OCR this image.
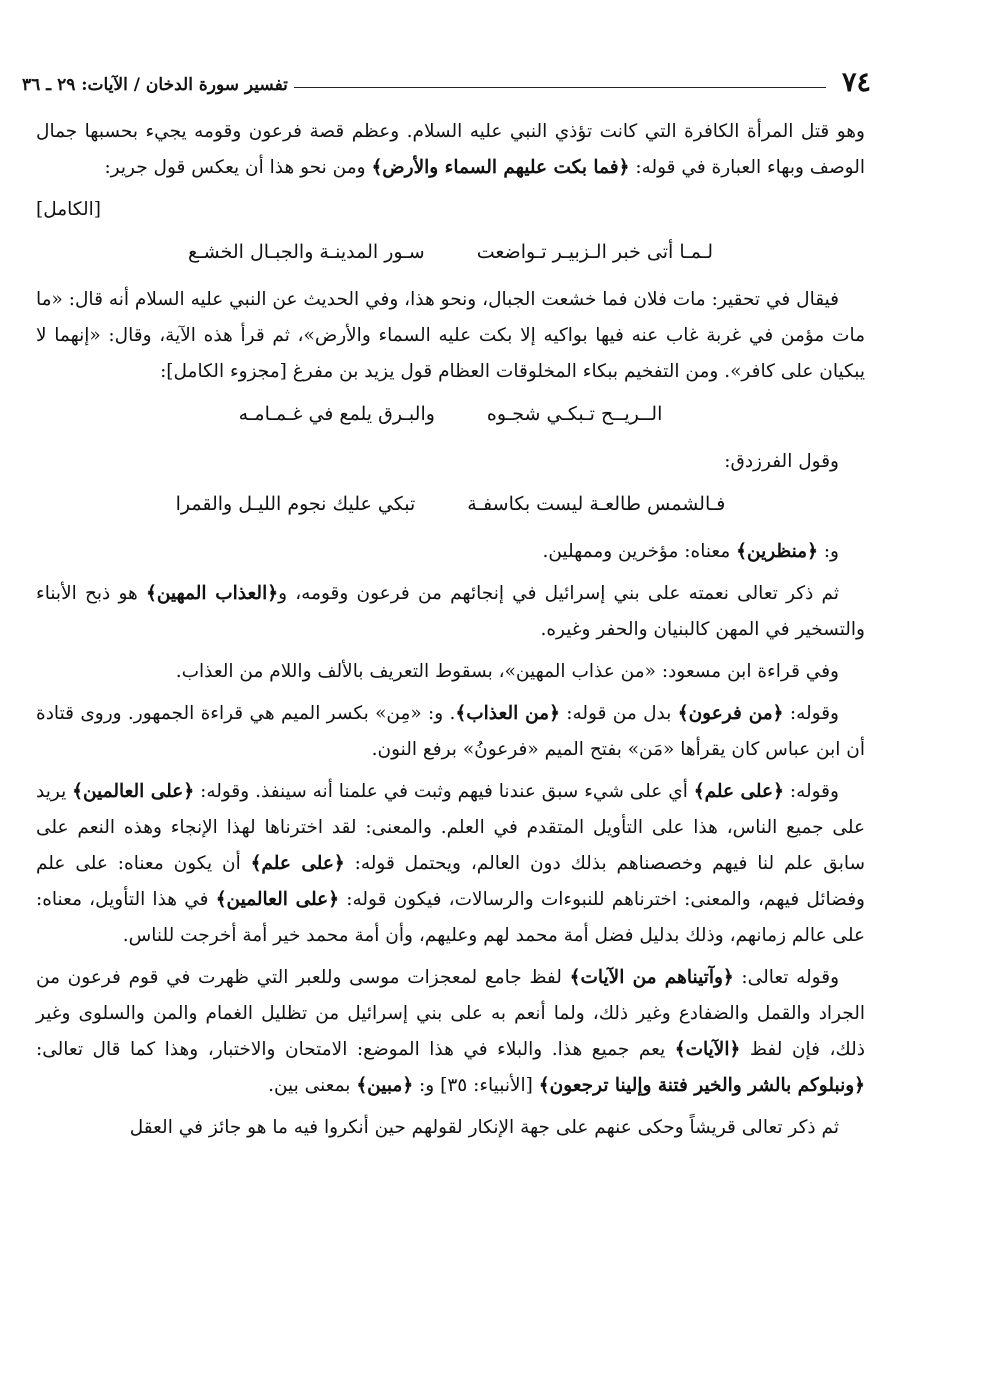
٧٤
تفسير سورة الدخان / الآيات: ٢٩ ـ ٣٦

وهو قتل المرأة الكافرة التي كانت تؤذي النبي عليه السلام. وعظم قصة فرعون وقومه يجيء بحسبها جمال الوصف وبهاء العبارة في قوله: ﴿فما بكت عليهم السماء والأرض﴾ ومن نحو هذا أن يعكس قول جرير:

[الكامل]
لـمـا أتى خبر الـزبيـر تـواضعت
سـور المدينـة والجبـال الخشـع

فيقال في تحقير: مات فلان فما خشعت الجبال، ونحو هذا، وفي الحديث عن النبي عليه السلام أنه قال: «ما مات مؤمن في غربة غاب عنه فيها بواكيه إلا بكت عليه السماء والأرض»، ثم قرأ هذه الآية، وقال: «إنهما لا يبكيان على كافر». ومن التفخيم ببكاء المخلوقات العظام قول يزيد بن مفرغ [مجزوء الكامل]:

الــريــح تـبكـي شجـوه
والبـرق يلمع في غـمـامـه

وقول الفرزدق:

فـالشمس طالعـة ليست بكاسفـة
تبكي عليك نجوم الليـل والقمرا

و: ﴿منظرين﴾ معناه: مؤخرين وممهلين.

ثم ذكر تعالى نعمته على بني إسرائيل في إنجائهم من فرعون وقومه، و﴿العذاب المهين﴾ هو ذبح الأبناء والتسخير في المهن كالبنيان والحفر وغيره.

وفي قراءة ابن مسعود: «من عذاب المهين»، بسقوط التعريف بالألف واللام من العذاب.

وقوله: ﴿من فرعون﴾ بدل من قوله: ﴿من العذاب﴾. و: «مِن» بكسر الميم هي قراءة الجمهور. وروى قتادة أن ابن عباس كان يقرأها «مَن» بفتح الميم «فرعونُ» برفع النون.

وقوله: ﴿على علم﴾ أي على شيء سبق عندنا فيهم وثبت في علمنا أنه سينفذ. وقوله: ﴿على العالمين﴾ يريد على جميع الناس، هذا على التأويل المتقدم في العلم. والمعنى: لقد اخترناها لهذا الإنجاء وهذه النعم على سابق علم لنا فيهم وخصصناهم بذلك دون العالم، ويحتمل قوله: ﴿على علم﴾ أن يكون معناه: على علم وفضائل فيهم، والمعنى: اخترناهم للنبوءات والرسالات، فيكون قوله: ﴿على العالمين﴾ في هذا التأويل، معناه: على عالم زمانهم، وذلك بدليل فضل أمة محمد لهم وعليهم، وأن أمة محمد خير أمة أخرجت للناس.

وقوله تعالى: ﴿وآتيناهم من الآيات﴾ لفظ جامع لمعجزات موسى وللعبر التي ظهرت في قوم فرعون من الجراد والقمل والضفادع وغير ذلك، ولما أنعم به على بني إسرائيل من تظليل الغمام والمن والسلوى وغير ذلك، فإن لفظ ﴿الآيات﴾ يعم جميع هذا. والبلاء في هذا الموضع: الامتحان والاختبار، وهذا كما قال تعالى: ﴿ونبلوكم بالشر والخير فتنة وإلينا ترجعون﴾ [الأنبياء: ٣٥] و: ﴿مبين﴾ بمعنى بين.

ثم ذكر تعالى قريشاً وحكى عنهم على جهة الإنكار لقولهم حين أنكروا فيه ما هو جائز في العقل
